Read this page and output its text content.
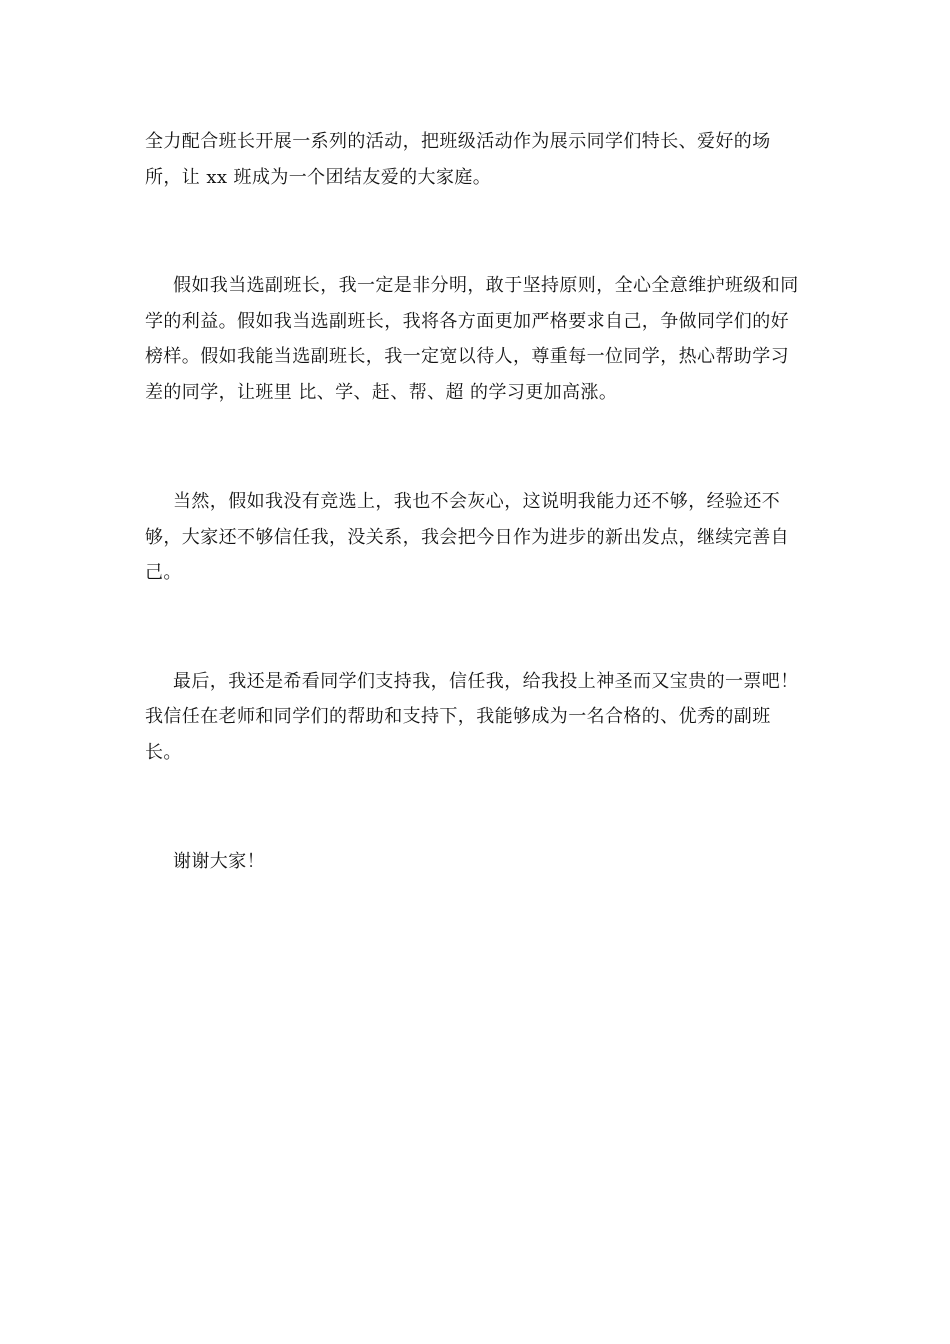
全力配合班长开展一系列的活动，把班级活动作为展示同学们特长、爱好的场所，让 xx 班成为一个团结友爱的大家庭。

假如我当选副班长，我一定是非分明，敢于坚持原则，全心全意维护班级和同学的利益。假如我当选副班长，我将各方面更加严格要求自己，争做同学们的好榜样。假如我能当选副班长，我一定宽以待人，尊重每一位同学，热心帮助学习差的同学，让班里 比、学、赶、帮、超 的学习更加高涨。

当然，假如我没有竞选上，我也不会灰心，这说明我能力还不够，经验还不够，大家还不够信任我，没关系，我会把今日作为进步的新出发点，继续完善自己。

最后，我还是希看同学们支持我，信任我，给我投上神圣而又宝贵的一票吧！我信任在老师和同学们的帮助和支持下，我能够成为一名合格的、优秀的副班长。

谢谢大家！
